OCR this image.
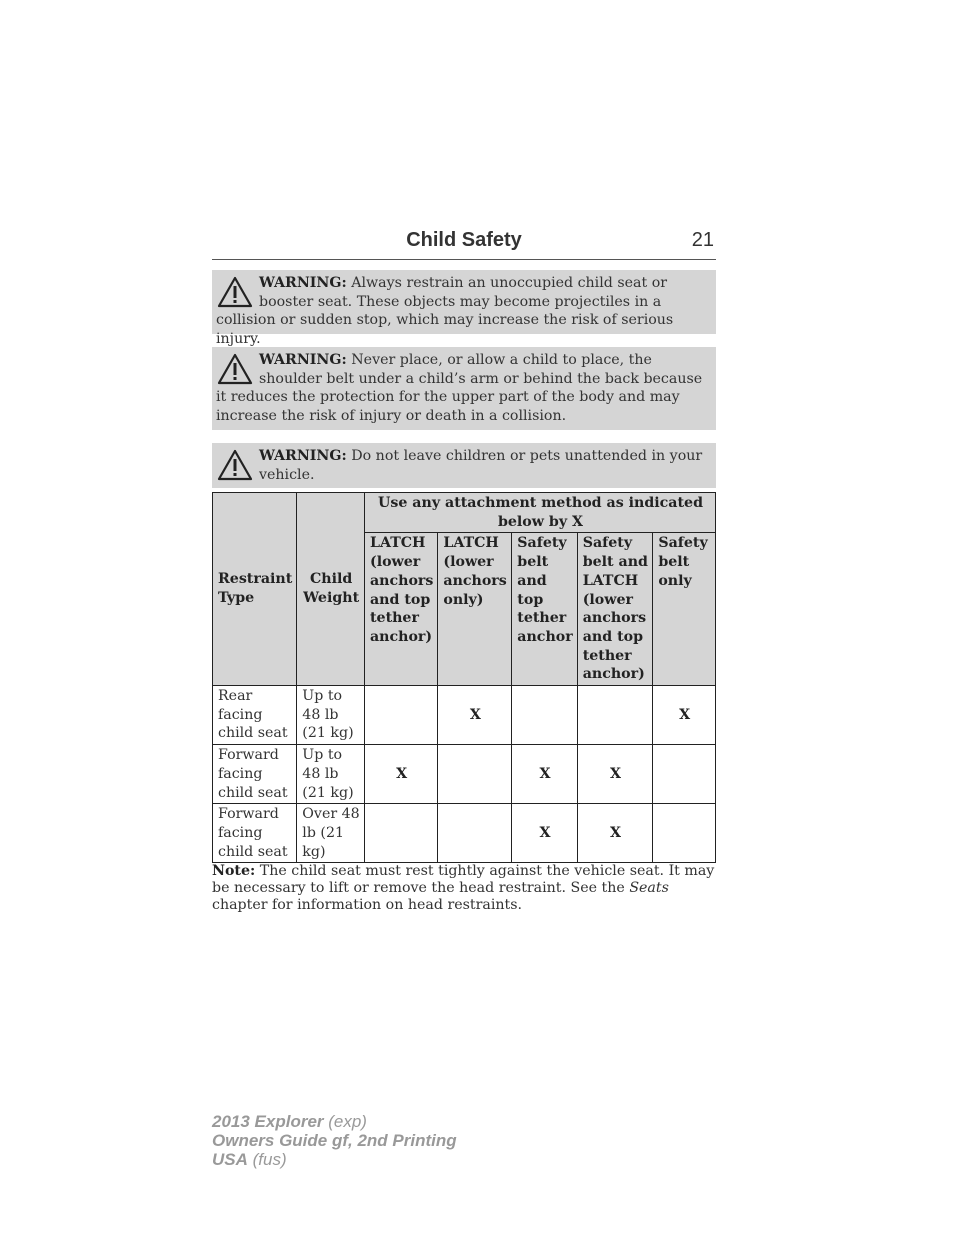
Child Safety	21
WARNING: Always restrain an unoccupied child seat or booster seat. These objects may become projectiles in a collision or sudden stop, which may increase the risk of serious injury.
WARNING: Never place, or allow a child to place, the shoulder belt under a child’s arm or behind the back because it reduces the protection for the upper part of the body and may increase the risk of injury or death in a collision.
WARNING: Do not leave children or pets unattended in your vehicle.
Restraint Type	Child Weight	Use any attachment method as indicated below by X				
		LATCH (lower anchors and top tether anchor)	LATCH (lower anchors only)	Safety belt and top tether anchor	Safety belt and LATCH (lower anchors and top tether anchor)	Safety belt only
Rear facing child seat	Up to 48 lb (21 kg)		X			X
Forward facing child seat	Up to 48 lb (21 kg)	X		X	X	
Forward facing child seat	Over 48 lb (21 kg)			X	X	
Note: The child seat must rest tightly against the vehicle seat. It may be necessary to lift or remove the head restraint. See the Seats chapter for information on head restraints.
2013 Explorer (exp)
Owners Guide gf, 2nd Printing
USA (fus)
